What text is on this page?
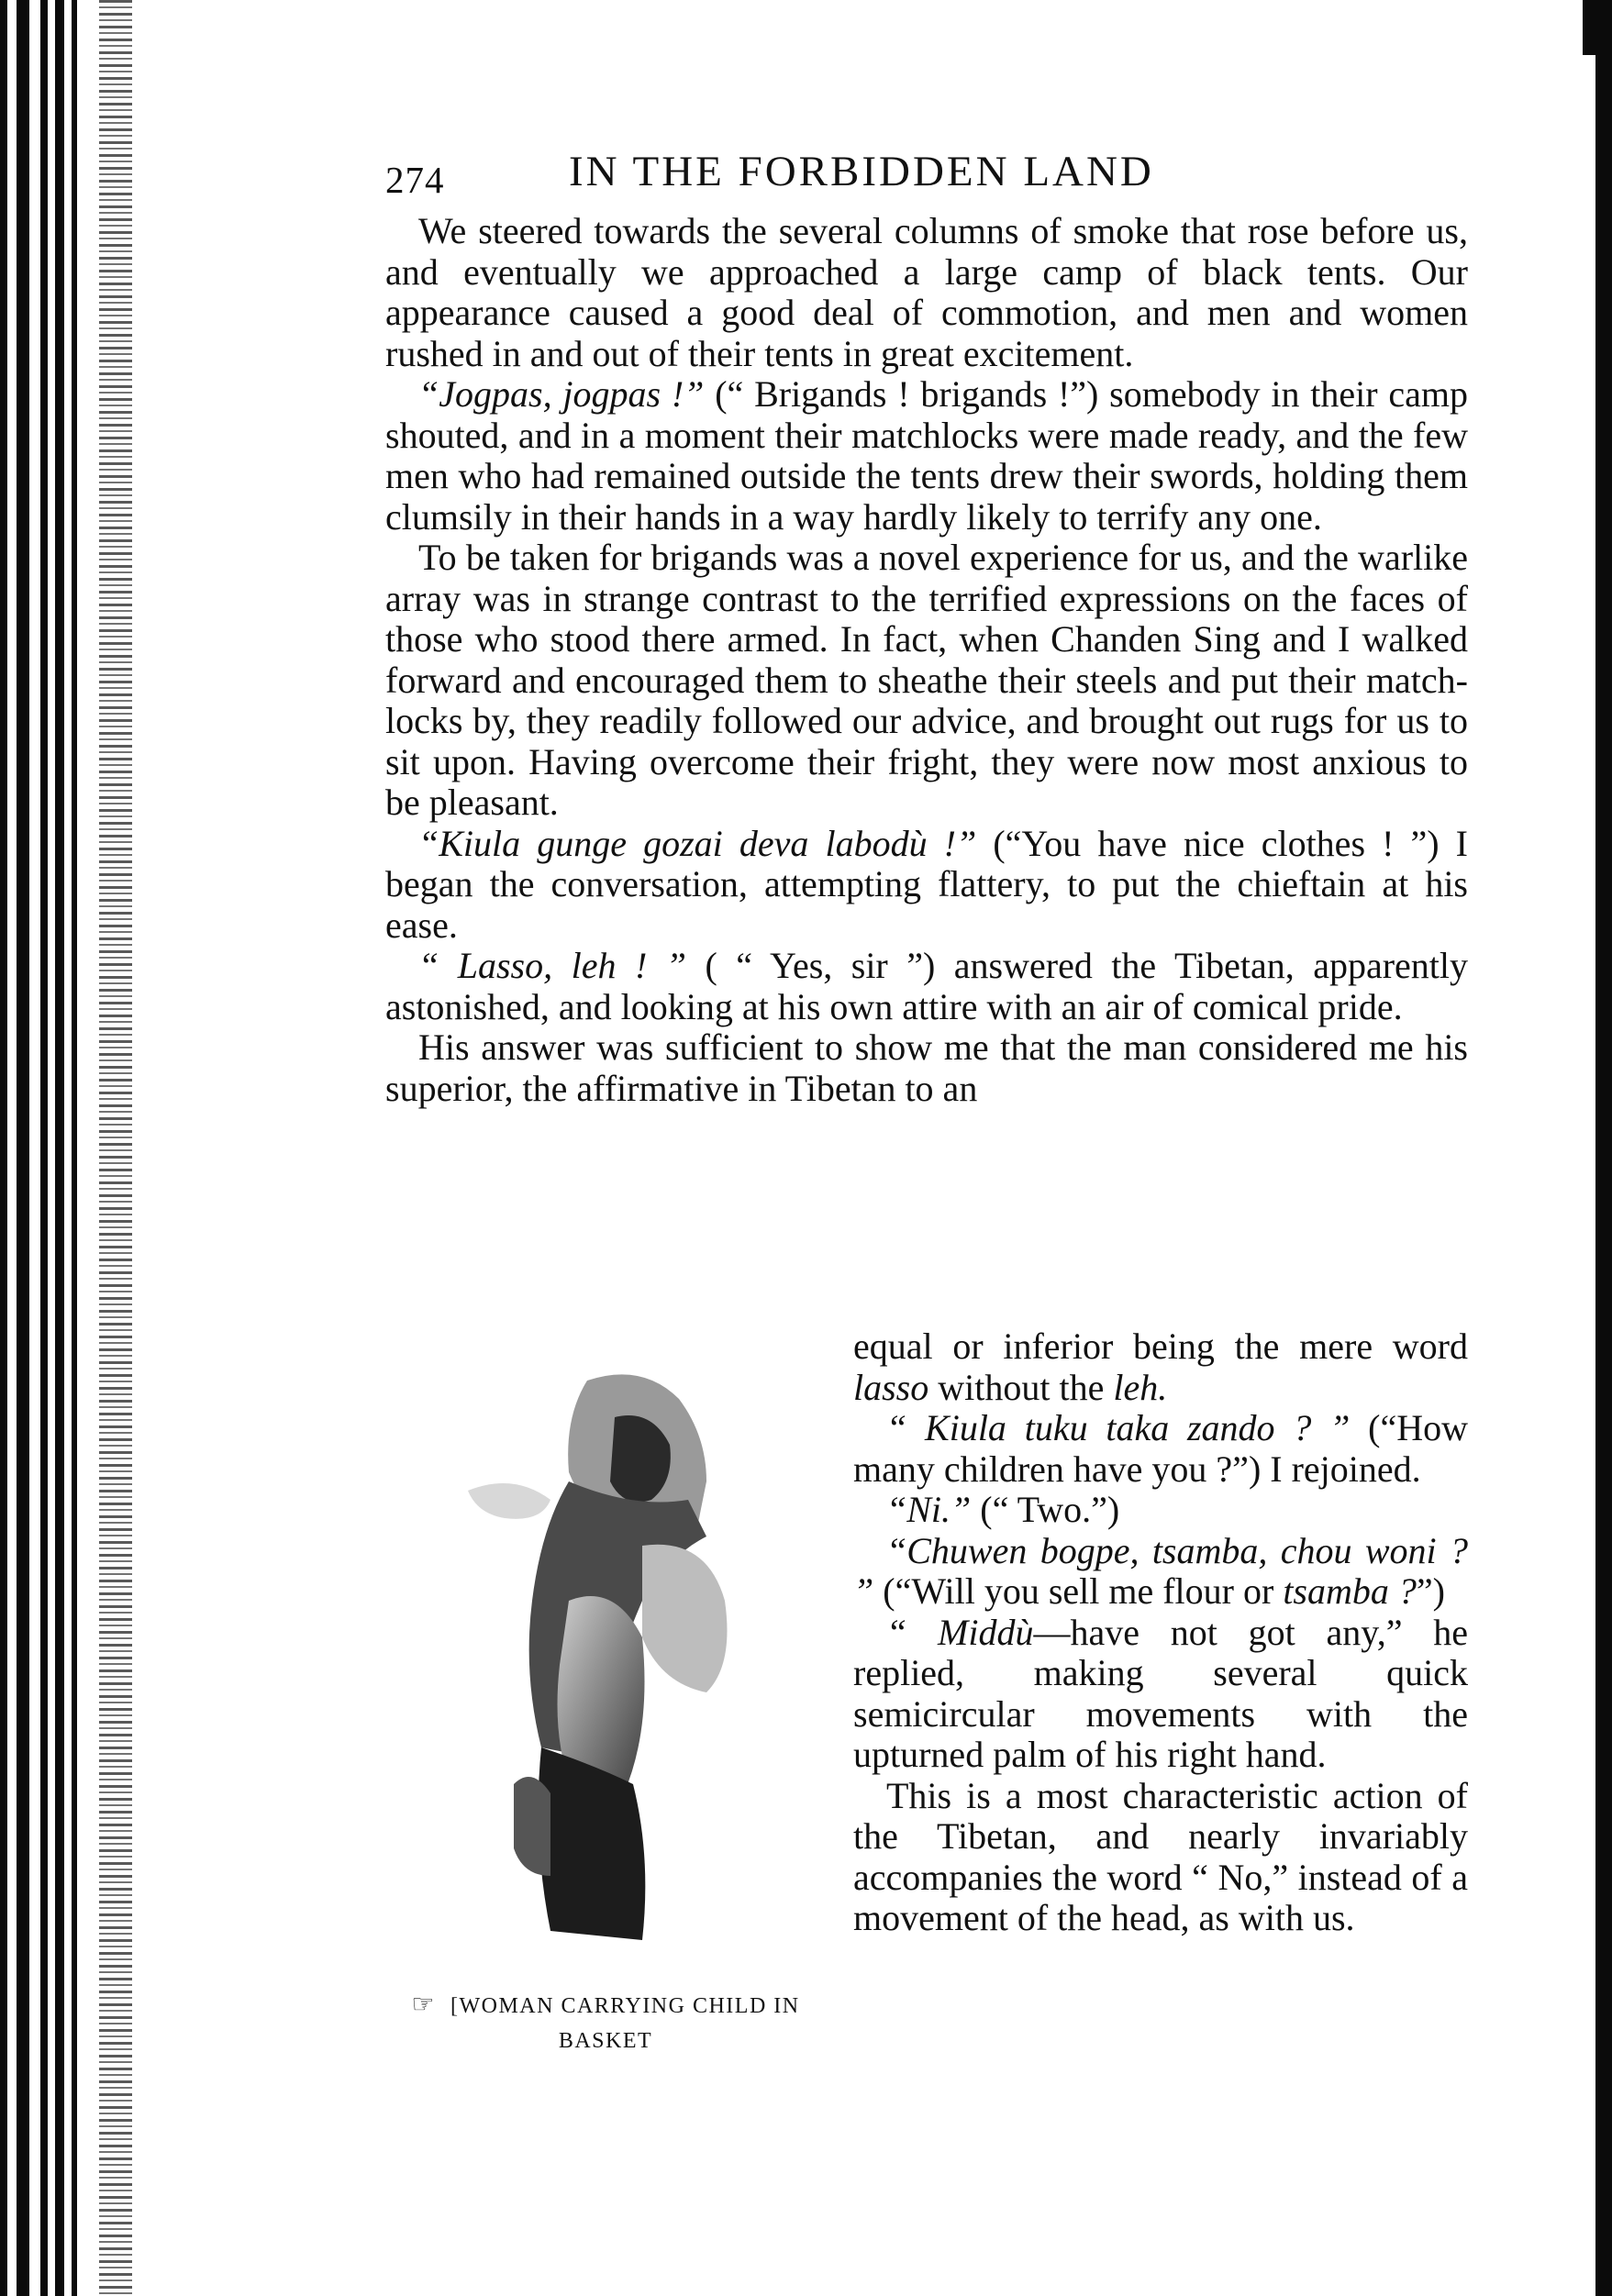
274	IN THE FORBIDDEN LAND

We steered towards the several columns of smoke that rose before us, and eventually we approached a large camp of black tents. Our appearance caused a good deal of commotion, and men and women rushed in and out of their tents in great excitement.

“Jogpas, jogpas !” (“ Brigands ! brigands !”) somebody in their camp shouted, and in a moment their matchlocks were made ready, and the few men who had remained outside the tents drew their swords, holding them clumsily in their hands in a way hardly likely to terrify any one.

To be taken for brigands was a novel experience for us, and the warlike array was in strange contrast to the terrified expressions on the faces of those who stood there armed. In fact, when Chanden Sing and I walked forward and encouraged them to sheathe their steels and put their matchlocks by, they readily followed our advice, and brought out rugs for us to sit upon. Having overcome their fright, they were now most anxious to be pleasant.

“Kiula gunge gozai deva labodù !” (“You have nice clothes ! ”) I began the conversation, attempting flattery, to put the chieftain at his ease.

“ Lasso, leh ! ” ( “ Yes, sir ”) answered the Tibetan, apparently astonished, and looking at his own attire with an air of comical pride.

His answer was sufficient to show me that the man considered me his superior, the affirmative in Tibetan to an

☞ [WOMAN CARRYING CHILD IN
BASKET

equal or inferior being the mere word lasso without the leh.

“ Kiula tuku taka zando ? ” (“How many children have you ?”) I rejoined.

“Ni.” (“ Two.”)

“Chuwen bogpe, tsamba, chou woni ? ” (“Will you sell me flour or tsamba ?”)

“ Middù—have not got any,” he replied, making several quick semicircular movements with the upturned palm of his right hand.

This is a most characteristic action of the Tibetan, and nearly invariably accompanies the word “ No,” instead of a movement of the head, as with us.
